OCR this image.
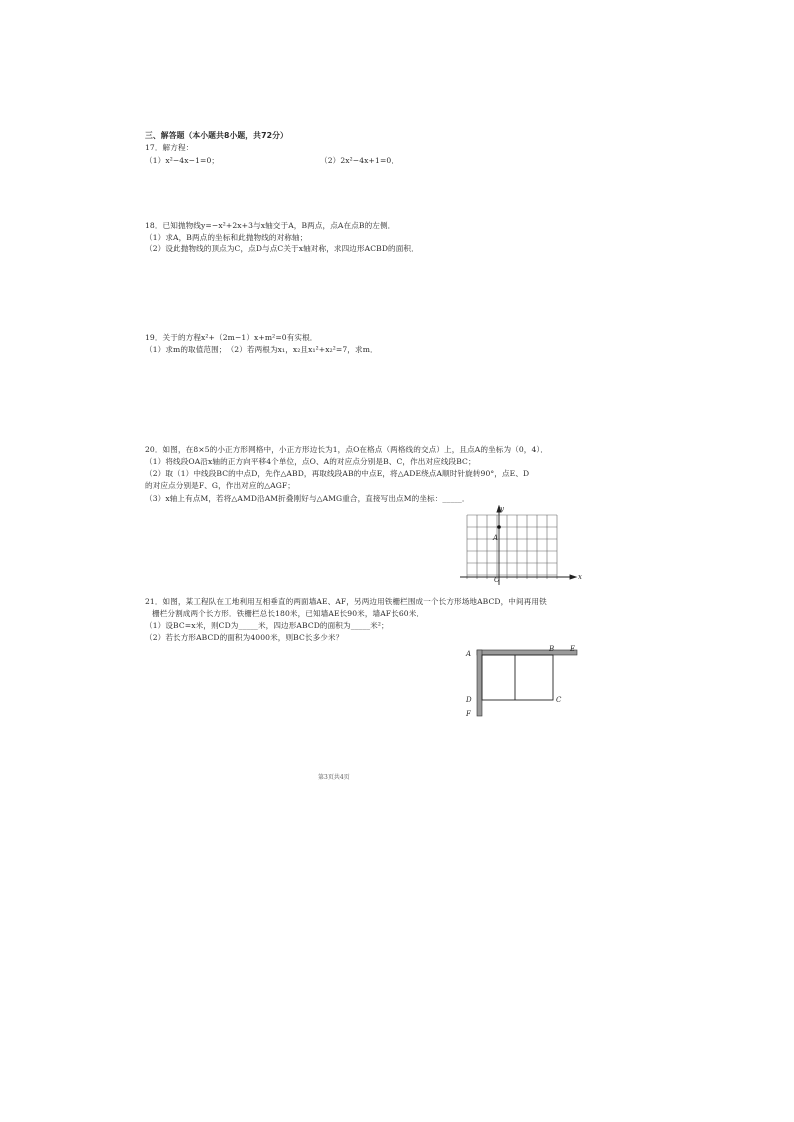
三、解答题（本小题共8小题，共72分）
17．解方程：
（1）x²−4x−1=0；	（2）2x²−4x+1=0．
18．已知抛物线y=−x²+2x+3与x轴交于A，B两点，点A在点B的左侧．
（1）求A，B两点的坐标和此抛物线的对称轴；
（2）设此抛物线的顶点为C，点D与点C关于x轴对称，求四边形ACBD的面积．
19．关于的方程x²+（2m−1）x+m²=0有实根．
（1）求m的取值范围；　（2）若两根为x₁，x₂且x₁²+x₂²=7，求m．
20．如图，在8×5的小正方形网格中，小正方形边长为1，点O在格点（两格线的交点）上，且点A的坐标为（0，4）．
（1）将线段OA沿x轴的正方向平移4个单位，点O、A的对应点分别是B、C，作出对应线段BC；
（2）取（1）中线段BC的中点D，先作△ABD，再取线段AB的中点E，将△ADE绕点A顺时针旋转90°，点E、D
的对应点分别是F、G，作出对应的△AGF；
（3）x轴上有点M，若将△AMD沿AM折叠刚好与△AMG重合，直接写出点M的坐标：_____．
y
x
A
O
21．如图，某工程队在工地利用互相垂直的两面墙AE、AF，另两边用铁栅栏围成一个长方形场地ABCD，中间再用铁
栅栏分割成两个长方形．铁栅栏总长180米，已知墙AE长90米，墙AF长60米．
（1）设BC=x米，则CD为_____米，四边形ABCD的面积为_____米²；
（2）若长方形ABCD的面积为4000米，则BC长多少米？
A
B E
C
D
F
第3页共4页
